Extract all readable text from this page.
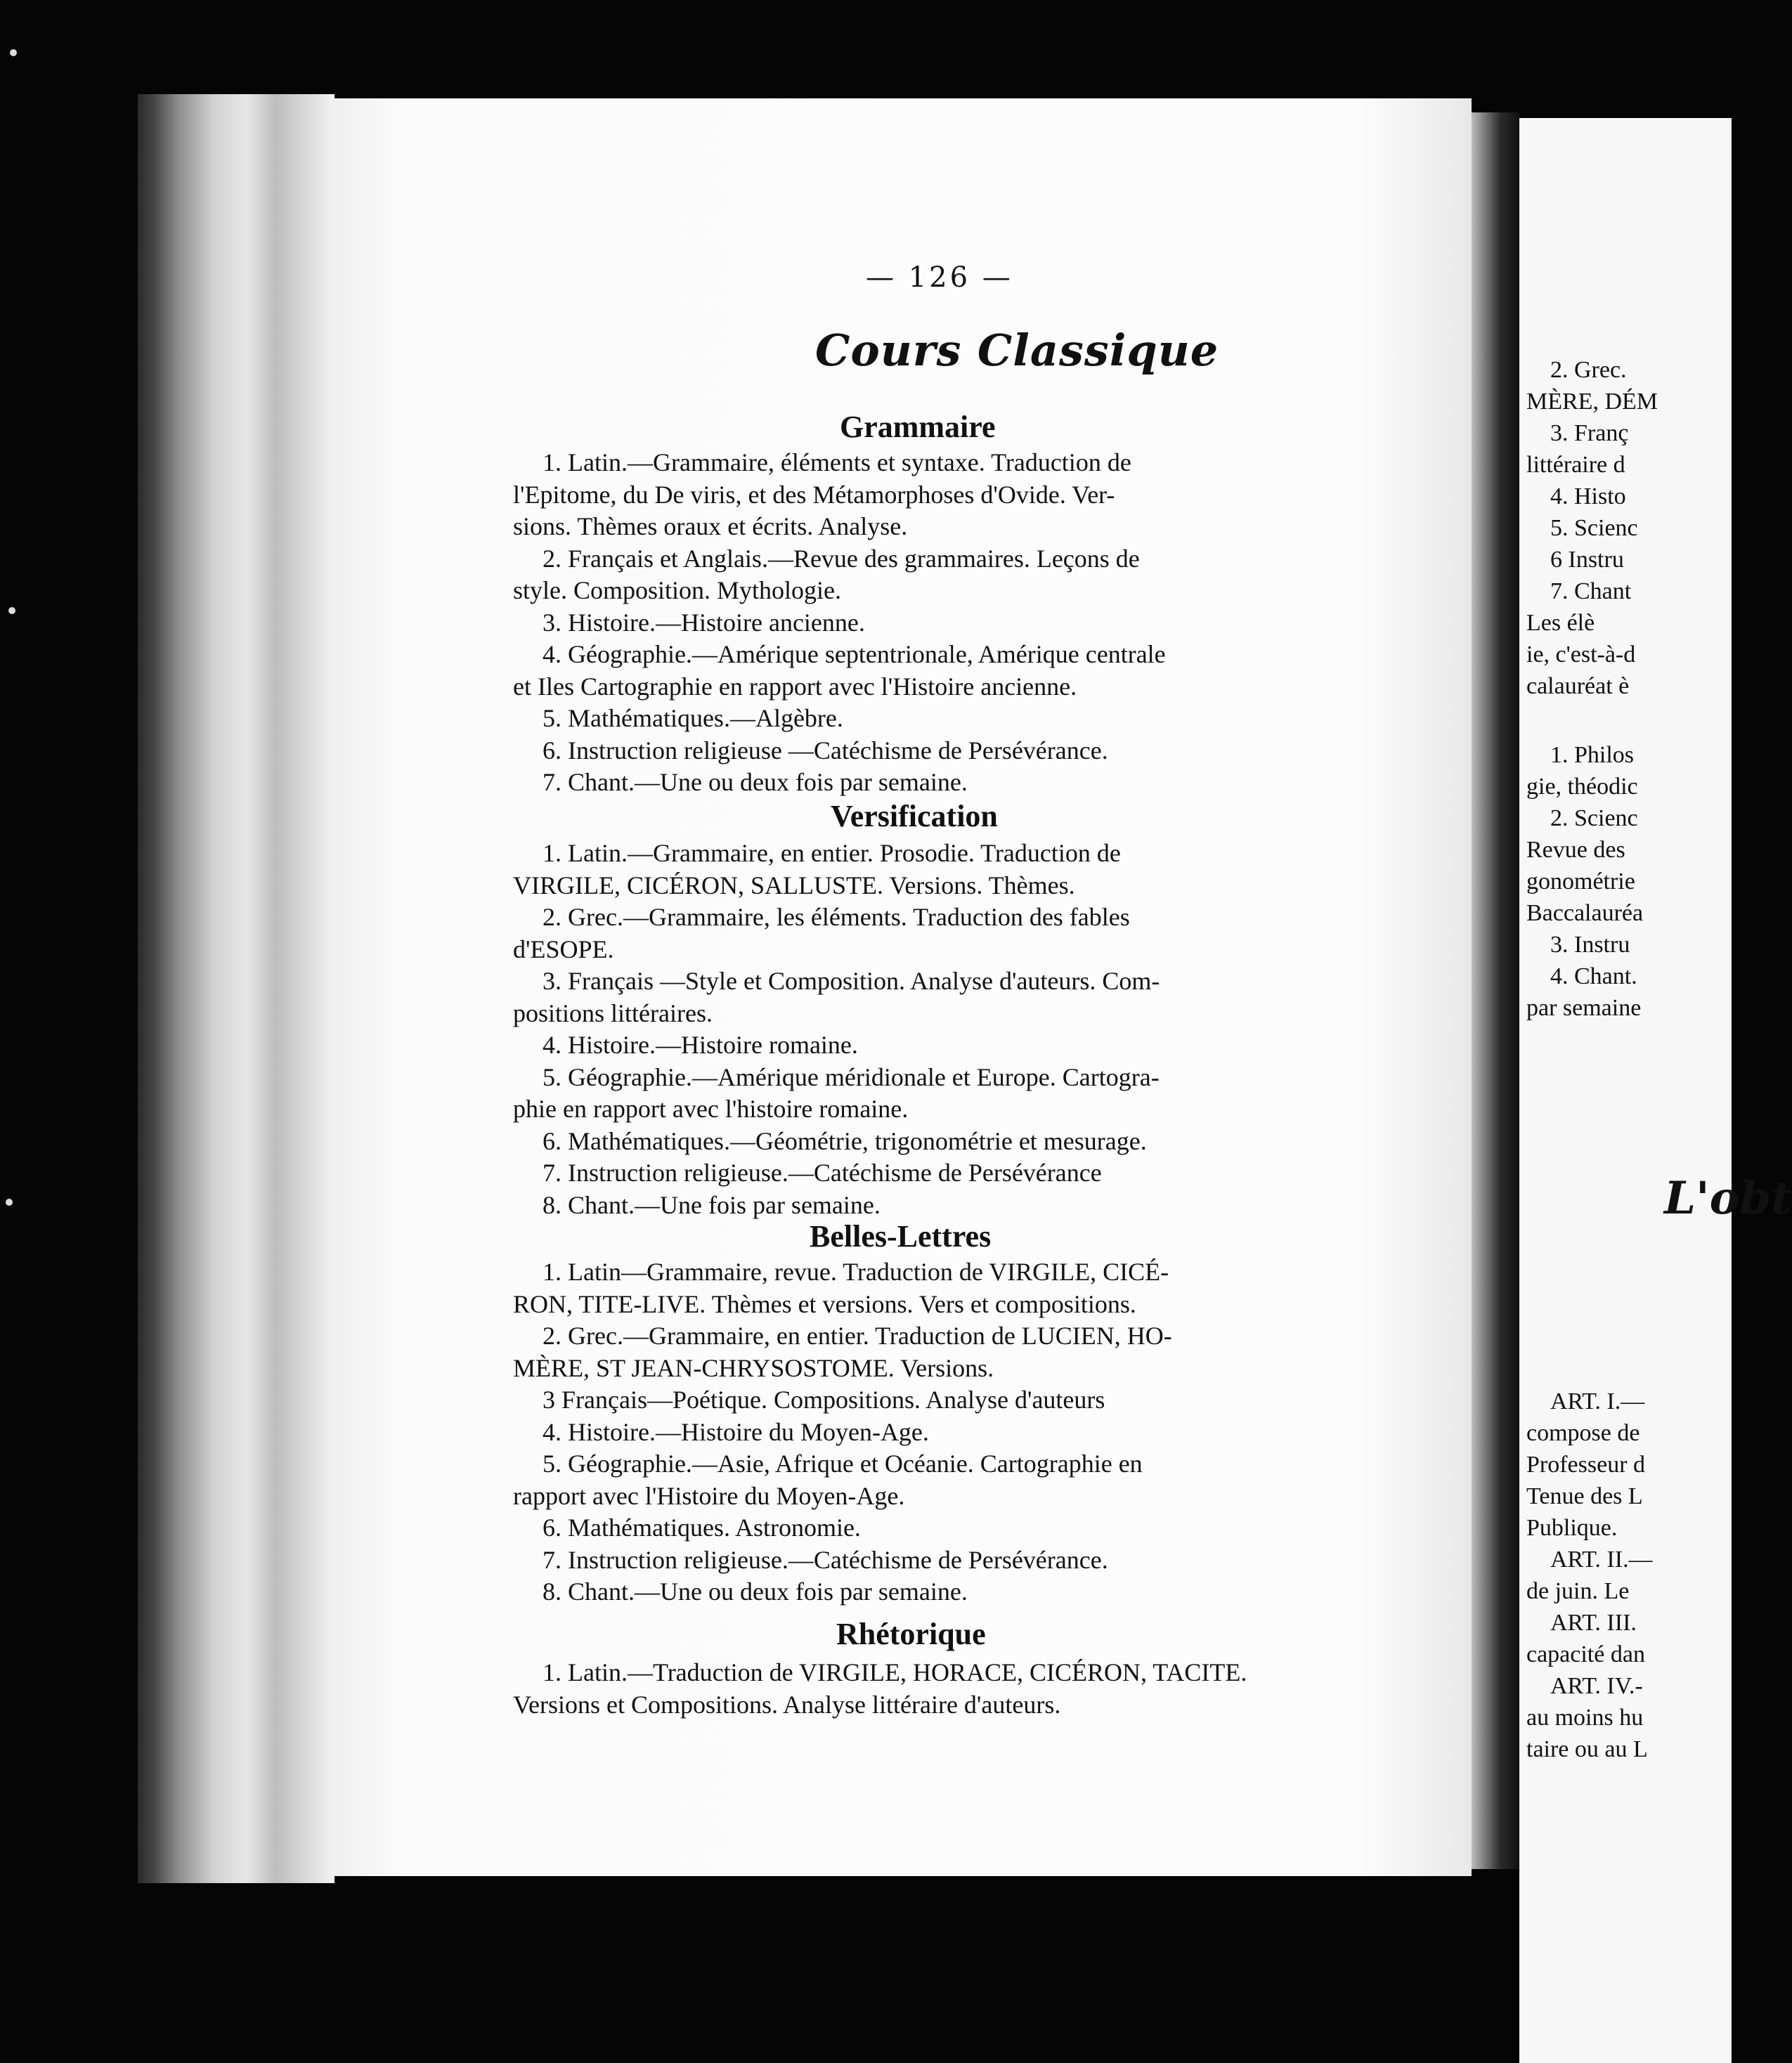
2. Grec.
MÈRE, DÉM
3. Franç
littéraire d
4. Histo
5. Scienc
6 Instru
7. Chant
Les élè
ie, c'est-à-d
calauréat è
1. Philos
gie, théodic
2. Scienc
Revue des
gonométrie
Baccalauréa
3. Instru
4. Chant.
par semaine
L'obt
ART. I.—
compose de
Professeur d
Tenue des L
Publique.
ART. II.—
de juin. Le
ART. III.
capacité dan
ART. IV.-
au moins hu
taire ou au L
— 126 —
Cours Classique
Grammaire
1. Latin.—Grammaire, éléments et syntaxe. Traduction de
l'Epitome, du De viris, et des Métamorphoses d'Ovide. Ver-
sions. Thèmes oraux et écrits. Analyse.
2. Français et Anglais.—Revue des grammaires. Leçons de
style. Composition. Mythologie.
3. Histoire.—Histoire ancienne.
4. Géographie.—Amérique septentrionale, Amérique centrale
et Iles Cartographie en rapport avec l'Histoire ancienne.
5. Mathématiques.—Algèbre.
6. Instruction religieuse —Catéchisme de Persévérance.
7. Chant.—Une ou deux fois par semaine.
Versification
1. Latin.—Grammaire, en entier. Prosodie. Traduction de
VIRGILE, CICÉRON, SALLUSTE. Versions. Thèmes.
2. Grec.—Grammaire, les éléments. Traduction des fables
d'ESOPE.
3. Français —Style et Composition. Analyse d'auteurs. Com-
positions littéraires.
4. Histoire.—Histoire romaine.
5. Géographie.—Amérique méridionale et Europe. Cartogra-
phie en rapport avec l'histoire romaine.
6. Mathématiques.—Géométrie, trigonométrie et mesurage.
7. Instruction religieuse.—Catéchisme de Persévérance
8. Chant.—Une fois par semaine.
Belles-Lettres
1. Latin—Grammaire, revue. Traduction de VIRGILE, CICÉ-
RON, TITE-LIVE. Thèmes et versions. Vers et compositions.
2. Grec.—Grammaire, en entier. Traduction de LUCIEN, HO-
MÈRE, ST JEAN-CHRYSOSTOME. Versions.
3 Français—Poétique. Compositions. Analyse d'auteurs
4. Histoire.—Histoire du Moyen-Age.
5. Géographie.—Asie, Afrique et Océanie. Cartographie en
rapport avec l'Histoire du Moyen-Age.
6. Mathématiques. Astronomie.
7. Instruction religieuse.—Catéchisme de Persévérance.
8. Chant.—Une ou deux fois par semaine.
Rhétorique
1. Latin.—Traduction de VIRGILE, HORACE, CICÉRON, TACITE.
Versions et Compositions. Analyse littéraire d'auteurs.
